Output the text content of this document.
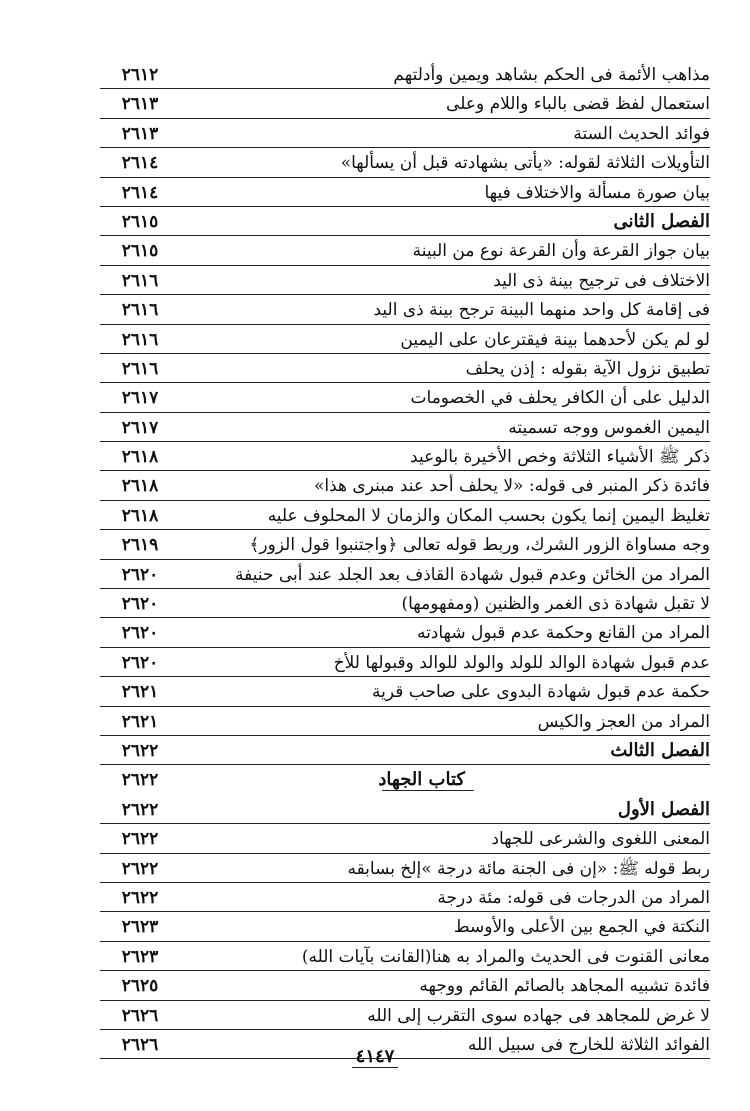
مذاهب الأئمة فى الحكم بشاهد ويمين وأدلتهم
٢٦١٢
استعمال لفظ قضى بالباء واللام وعلى
٢٦١٣
فوائد الحديث الستة
٢٦١٣
التأويلات الثلاثة لقوله: «يأتى بشهادته قبل أن يسألها»
٢٦١٤
بيان صورة مسألة والاختلاف فيها
٢٦١٤
الفصل الثانى
٢٦١٥
بيان جواز القرعة وأن القرعة نوع من البينة
٢٦١٥
الاختلاف فى ترجيح بينة ذى اليد
٢٦١٦
فى إقامة كل واحد منهما البينة ترجح بينة ذى اليد
٢٦١٦
لو لم يكن لأحدهما بينة فيقترعان على اليمين
٢٦١٦
تطبيق نزول الآية بقوله : إذن يحلف
٢٦١٦
الدليل على أن الكافر يحلف في الخصومات
٢٦١٧
اليمين الغموس ووجه تسميته
٢٦١٧
ذكر ﷺ الأشياء الثلاثة وخص الأخيرة بالوعيد
٢٦١٨
فائدة ذكر المنبر فى قوله: «لا يحلف أحد عند مبنرى هذا»
٢٦١٨
تغليظ اليمين إنما يكون بحسب المكان والزمان لا المحلوف عليه
٢٦١٨
وجه مساواة الزور الشرك، وربط قوله تعالى ﴿واجتنبوا قول الزور﴾
٢٦١٩
المراد من الخائن وعدم قبول شهادة القاذف بعد الجلد عند أبى حنيفة
٢٦٢٠
لا تقبل شهادة ذى الغمر والظنين (ومفهومها)
٢٦٢٠
المراد من القانع وحكمة عدم قبول شهادته
٢٦٢٠
عدم قبول شهادة الوالد للولد والولد للوالد وقبولها للأخ
٢٦٢٠
حكمة عدم قبول شهادة البدوى على صاحب قرية
٢٦٢١
المراد من العجز والكيس
٢٦٢١
الفصل الثالث
٢٦٢٢
كتاب الجهاد
٢٦٢٢
الفصل الأول
٢٦٢٢
المعنى اللغوى والشرعى للجهاد
٢٦٢٢
ربط قوله ﷺ: «إن فى الجنة مائة درجة »إلخ بسابقه
٢٦٢٢
المراد من الدرجات فى قوله: مئة درجة
٢٦٢٢
النكتة في الجمع بين الأعلى والأوسط
٢٦٢٣
معانى القنوت فى الحديث والمراد به هنا(القانت بآيات الله)
٢٦٢٣
فائدة تشبيه المجاهد بالصائم القائم ووجهه
٢٦٢٥
لا غرض للمجاهد فى جهاده سوى التقرب إلى الله
٢٦٢٦
الفوائد الثلاثة للخارج فى سبيل الله
٢٦٢٦
٤١٤٧
